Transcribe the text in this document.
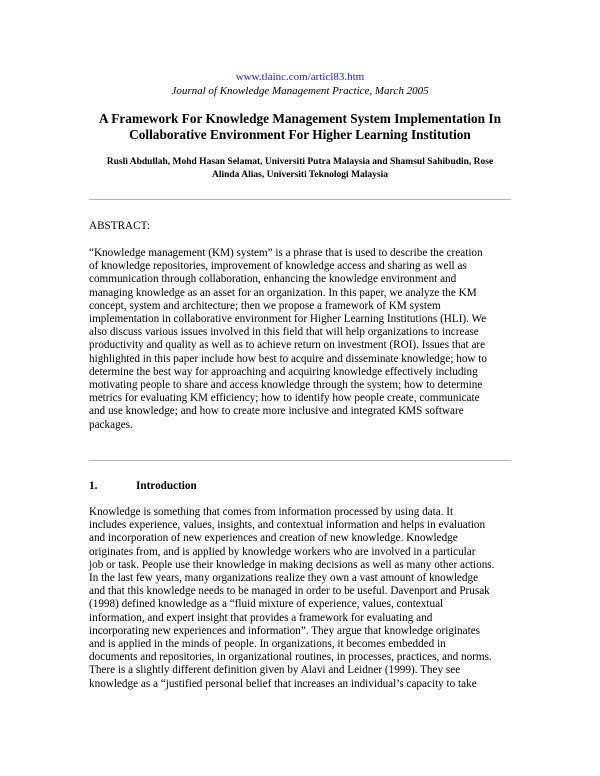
www.tlainc.com/articl83.htm
Journal of Knowledge Management Practice, March 2005
A Framework For Knowledge Management System Implementation In
Collaborative Environment For Higher Learning Institution
Rusli Abdullah, Mohd Hasan Selamat, Universiti Putra Malaysia and Shamsul Sahibudin, Rose
Alinda Alias, Universiti Teknologi Malaysia
ABSTRACT:
“Knowledge management (KM) system” is a phrase that is used to describe the creation
of knowledge repositories, improvement of knowledge access and sharing as well as
communication through collaboration, enhancing the knowledge environment and
managing knowledge as an asset for an organization. In this paper, we analyze the KM
concept, system and architecture; then we propose a framework of KM system
implementation in collaborative environment for Higher Learning Institutions (HLI). We
also discuss various issues involved in this field that will help organizations to increase
productivity and quality as well as to achieve return on investment (ROI). Issues that are
highlighted in this paper include how best to acquire and disseminate knowledge; how to
determine the best way for approaching and acquiring knowledge effectively including
motivating people to share and access knowledge through the system; how to determine
metrics for evaluating KM efficiency; how to identify how people create, communicate
and use knowledge; and how to create more inclusive and integrated KMS software
packages.
1.	Introduction
Knowledge is something that comes from information processed by using data. It
includes experience, values, insights, and contextual information and helps in evaluation
and incorporation of new experiences and creation of new knowledge. Knowledge
originates from, and is applied by knowledge workers who are involved in a particular
job or task. People use their knowledge in making decisions as well as many other actions.
In the last few years, many organizations realize they own a vast amount of knowledge
and that this knowledge needs to be managed in order to be useful. Davenport and Prusak
(1998) defined knowledge as a “fluid mixture of experience, values, contextual
information, and expert insight that provides a framework for evaluating and
incorporating new experiences and information”. They argue that knowledge originates
and is applied in the minds of people. In organizations, it becomes embedded in
documents and repositories, in organizational routines, in processes, practices, and norms.
There is a slightly different definition given by Alavi and Leidner (1999). They see
knowledge as a “justified personal belief that increases an individual’s capacity to take
